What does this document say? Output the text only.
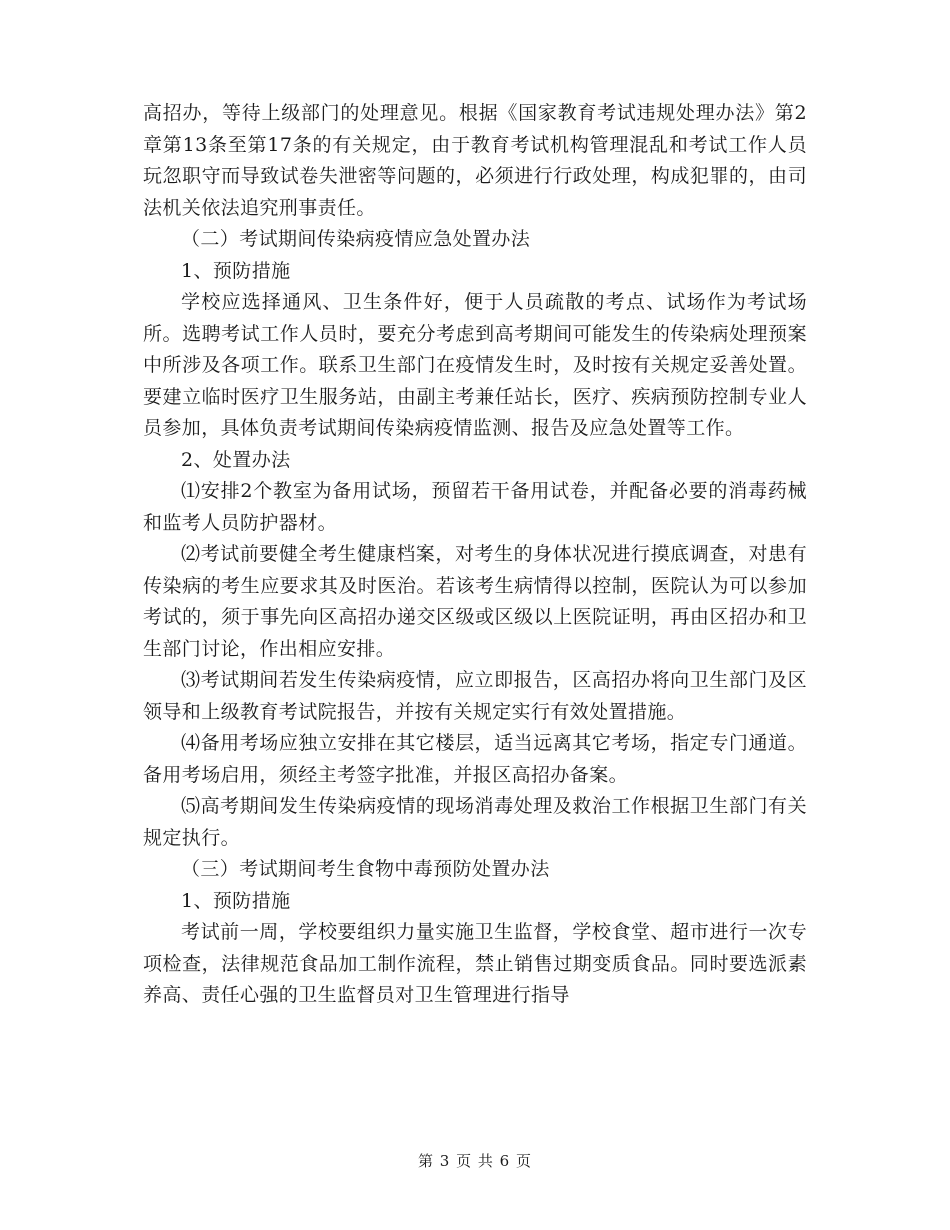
高招办，等待上级部门的处理意见。根据《国家教育考试违规处理办法》第2章第13条至第17条的有关规定，由于教育考试机构管理混乱和考试工作人员玩忽职守而导致试卷失泄密等问题的，必须进行行政处理，构成犯罪的，由司法机关依法追究刑事责任。

（二）考试期间传染病疫情应急处置办法

1、预防措施

学校应选择通风、卫生条件好，便于人员疏散的考点、试场作为考试场所。选聘考试工作人员时，要充分考虑到高考期间可能发生的传染病处理预案中所涉及各项工作。联系卫生部门在疫情发生时，及时按有关规定妥善处置。要建立临时医疗卫生服务站，由副主考兼任站长，医疗、疾病预防控制专业人员参加，具体负责考试期间传染病疫情监测、报告及应急处置等工作。

2、处置办法

⑴安排2个教室为备用试场，预留若干备用试卷，并配备必要的消毒药械和监考人员防护器材。

⑵考试前要健全考生健康档案，对考生的身体状况进行摸底调查，对患有传染病的考生应要求其及时医治。若该考生病情得以控制，医院认为可以参加考试的，须于事先向区高招办递交区级或区级以上医院证明，再由区招办和卫生部门讨论，作出相应安排。

⑶考试期间若发生传染病疫情，应立即报告，区高招办将向卫生部门及区领导和上级教育考试院报告，并按有关规定实行有效处置措施。

⑷备用考场应独立安排在其它楼层，适当远离其它考场，指定专门通道。备用考场启用，须经主考签字批准，并报区高招办备案。

⑸高考期间发生传染病疫情的现场消毒处理及救治工作根据卫生部门有关规定执行。

（三）考试期间考生食物中毒预防处置办法

1、预防措施

考试前一周，学校要组织力量实施卫生监督，学校食堂、超市进行一次专项检查，法律规范食品加工制作流程，禁止销售过期变质食品。同时要选派素养高、责任心强的卫生监督员对卫生管理进行指导

第 3 页 共 6 页
